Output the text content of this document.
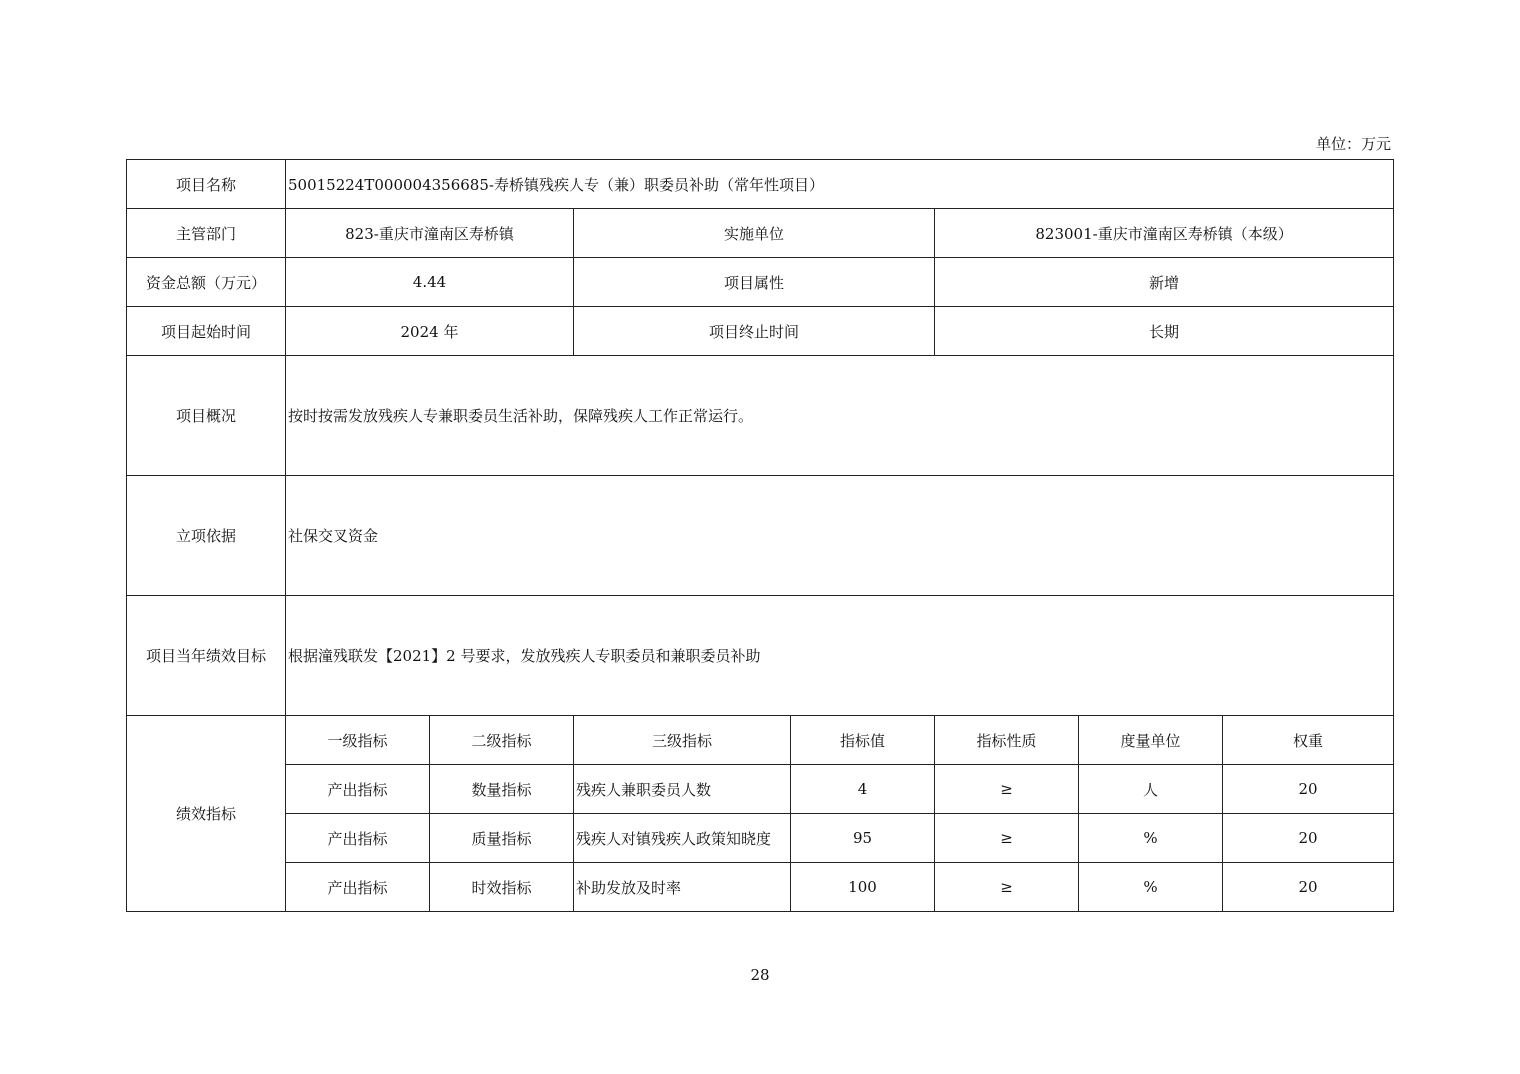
单位：万元
项目名称	50015224T000004356685-寿桥镇残疾人专（兼）职委员补助（常年性项目）						
主管部门	823-重庆市潼南区寿桥镇		实施单位		823001-重庆市潼南区寿桥镇（本级）		
资金总额（万元）	4.44		项目属性		新增		
项目起始时间	2024 年		项目终止时间		长期		
项目概况	按时按需发放残疾人专兼职委员生活补助，保障残疾人工作正常运行。						
立项依据	社保交叉资金						
项目当年绩效目标	根据潼残联发【2021】2 号要求，发放残疾人专职委员和兼职委员补助						
绩效指标	一级指标	二级指标	三级指标	指标值	指标性质	度量单位	权重
	产出指标	数量指标	残疾人兼职委员人数	4	≥	人	20
	产出指标	质量指标	残疾人对镇残疾人政策知晓度	95	≥	%	20
	产出指标	时效指标	补助发放及时率	100	≥	%	20
28
